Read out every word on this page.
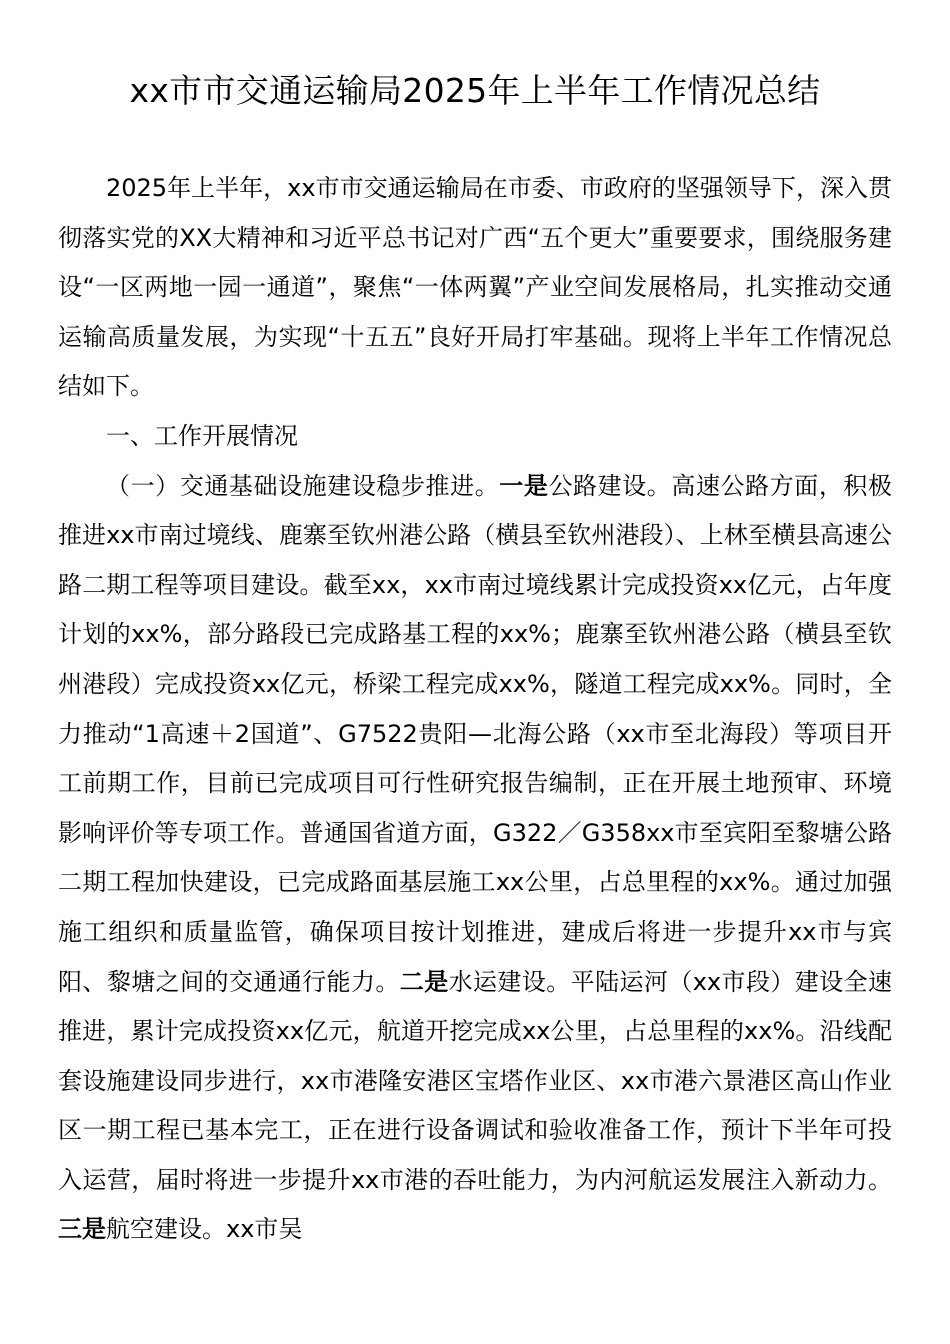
xx市市交通运输局2025年上半年工作情况总结

2025年上半年，xx市市交通运输局在市委、市政府的坚强领导下，深入贯彻落实党的XX大精神和习近平总书记对广西“五个更大”重要要求，围绕服务建设“一区两地一园一通道”，聚焦“一体两翼”产业空间发展格局，扎实推动交通运输高质量发展，为实现“十五五”良好开局打牢基础。现将上半年工作情况总结如下。

一、工作开展情况

（一）交通基础设施建设稳步推进。一是公路建设。高速公路方面，积极推进xx市南过境线、鹿寨至钦州港公路（横县至钦州港段）、上林至横县高速公路二期工程等项目建设。截至xx，xx市南过境线累计完成投资xx亿元，占年度计划的xx%，部分路段已完成路基工程的xx%；鹿寨至钦州港公路（横县至钦州港段）完成投资xx亿元，桥梁工程完成xx%，隧道工程完成xx%。同时，全力推动“1高速＋2国道”、G7522贵阳—北海公路（xx市至北海段）等项目开工前期工作，目前已完成项目可行性研究报告编制，正在开展土地预审、环境影响评价等专项工作。普通国省道方面，G322／G358xx市至宾阳至黎塘公路二期工程加快建设，已完成路面基层施工xx公里，占总里程的xx%。通过加强施工组织和质量监管，确保项目按计划推进，建成后将进一步提升xx市与宾阳、黎塘之间的交通通行能力。二是水运建设。平陆运河（xx市段）建设全速推进，累计完成投资xx亿元，航道开挖完成xx公里，占总里程的xx%。沿线配套设施建设同步进行，xx市港隆安港区宝塔作业区、xx市港六景港区高山作业区一期工程已基本完工，正在进行设备调试和验收准备工作，预计下半年可投入运营，届时将进一步提升xx市港的吞吐能力，为内河航运发展注入新动力。三是航空建设。xx市吴
